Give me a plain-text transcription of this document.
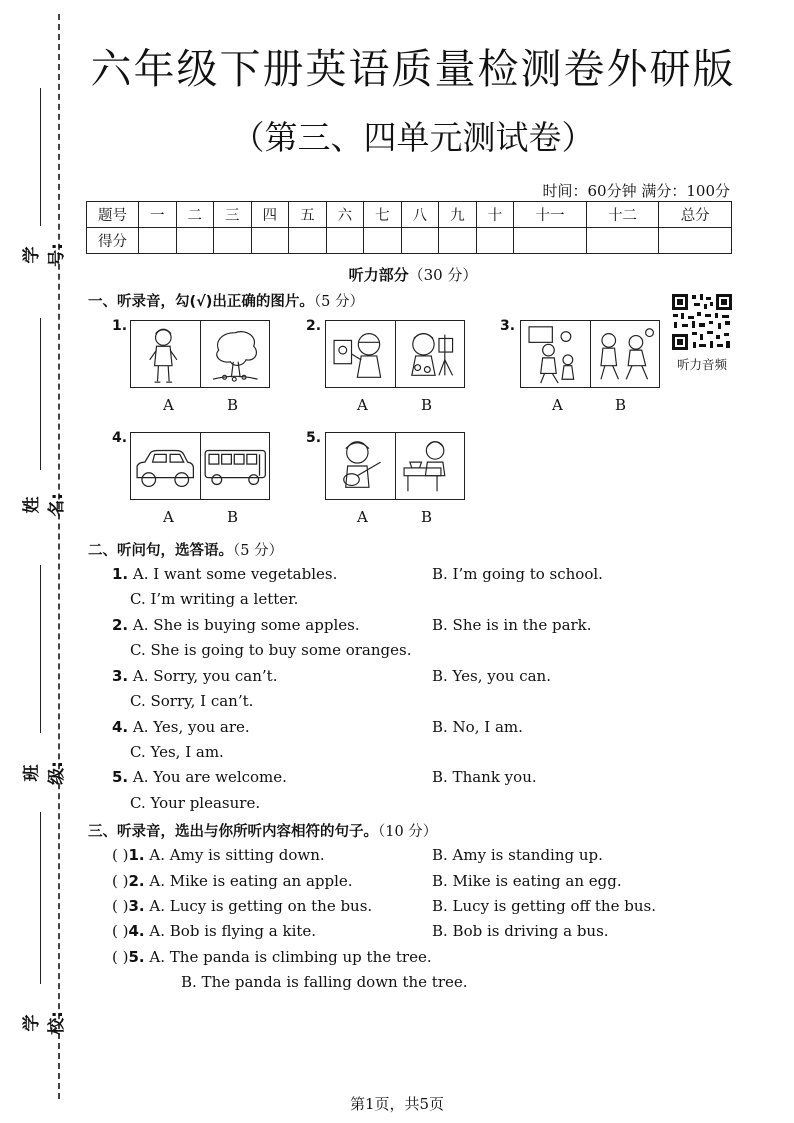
学号:
姓名:
班级:
学校:
六年级下册英语质量检测卷外研版
（第三、四单元测试卷）
时间：60分钟 满分：100分
题号	一	二	三	四	五	六	七	八	九	十	十一	十二	总分
得分													
听力部分（30 分）
听力音频
一、听录音，勾(√)出正确的图片。（5 分）
1.
A	B
2.
A	B
3.
A	B
4.
A	B
5.
A	B
二、听问句，选答语。（5 分）
1. A. I want some vegetables.	B. I’m going to school.
C. I’m writing a letter.
2. A. She is buying some apples.	B. She is in the park.
C. She is going to buy some oranges.
3. A. Sorry, you can’t.	B. Yes, you can.
C. Sorry, I can’t.
4. A. Yes, you are.	B. No, I am.
C. Yes, I am.
5. A. You are welcome.	B. Thank you.
C. Your pleasure.
三、听录音，选出与你所听内容相符的句子。（10 分）
( )1. A. Amy is sitting down.	B. Amy is standing up.
( )2. A. Mike is eating an apple.	B. Mike is eating an egg.
( )3. A. Lucy is getting on the bus.	B. Lucy is getting off the bus.
( )4. A. Bob is flying a kite.	B. Bob is driving a bus.
( )5. A. The panda is climbing up the tree.
B. The panda is falling down the tree.
第1页，共5页
